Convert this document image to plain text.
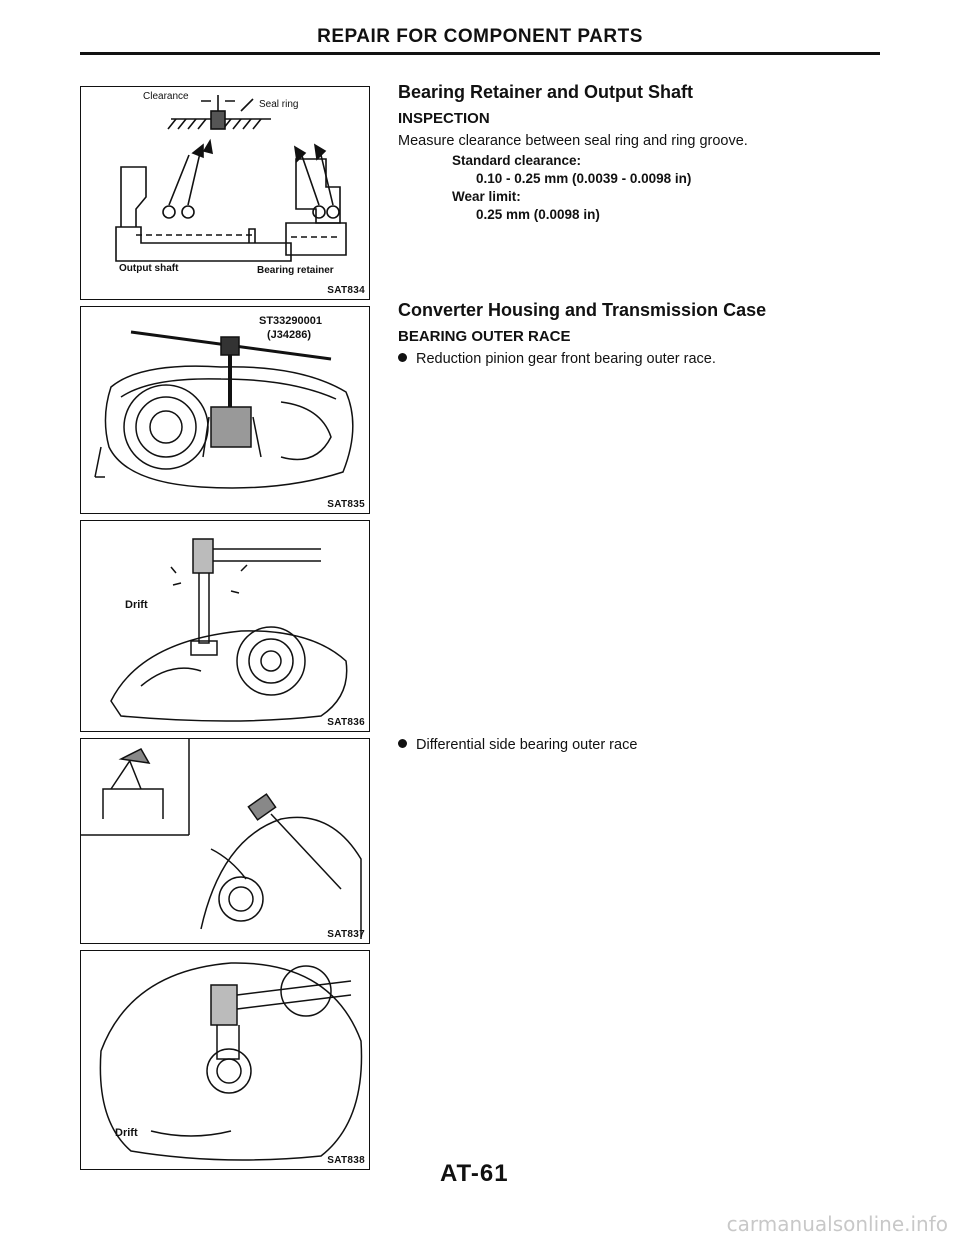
REPAIR FOR COMPONENT PARTS
Clearance
Seal ring
Output shaft	Bearing retainer
SAT834
ST33290001
(J34286)
SAT835
Drift
SAT836
SAT837
Drift
SAT838
Bearing Retainer and Output Shaft
INSPECTION
Measure clearance between seal ring and ring groove.
Standard clearance:
0.10 - 0.25 mm (0.0039 - 0.0098 in)
Wear limit:
0.25 mm (0.0098 in)
Converter Housing and Transmission Case
BEARING OUTER RACE
Reduction pinion gear front bearing outer race.
Differential side bearing outer race
AT-61
carmanualsonline.info
